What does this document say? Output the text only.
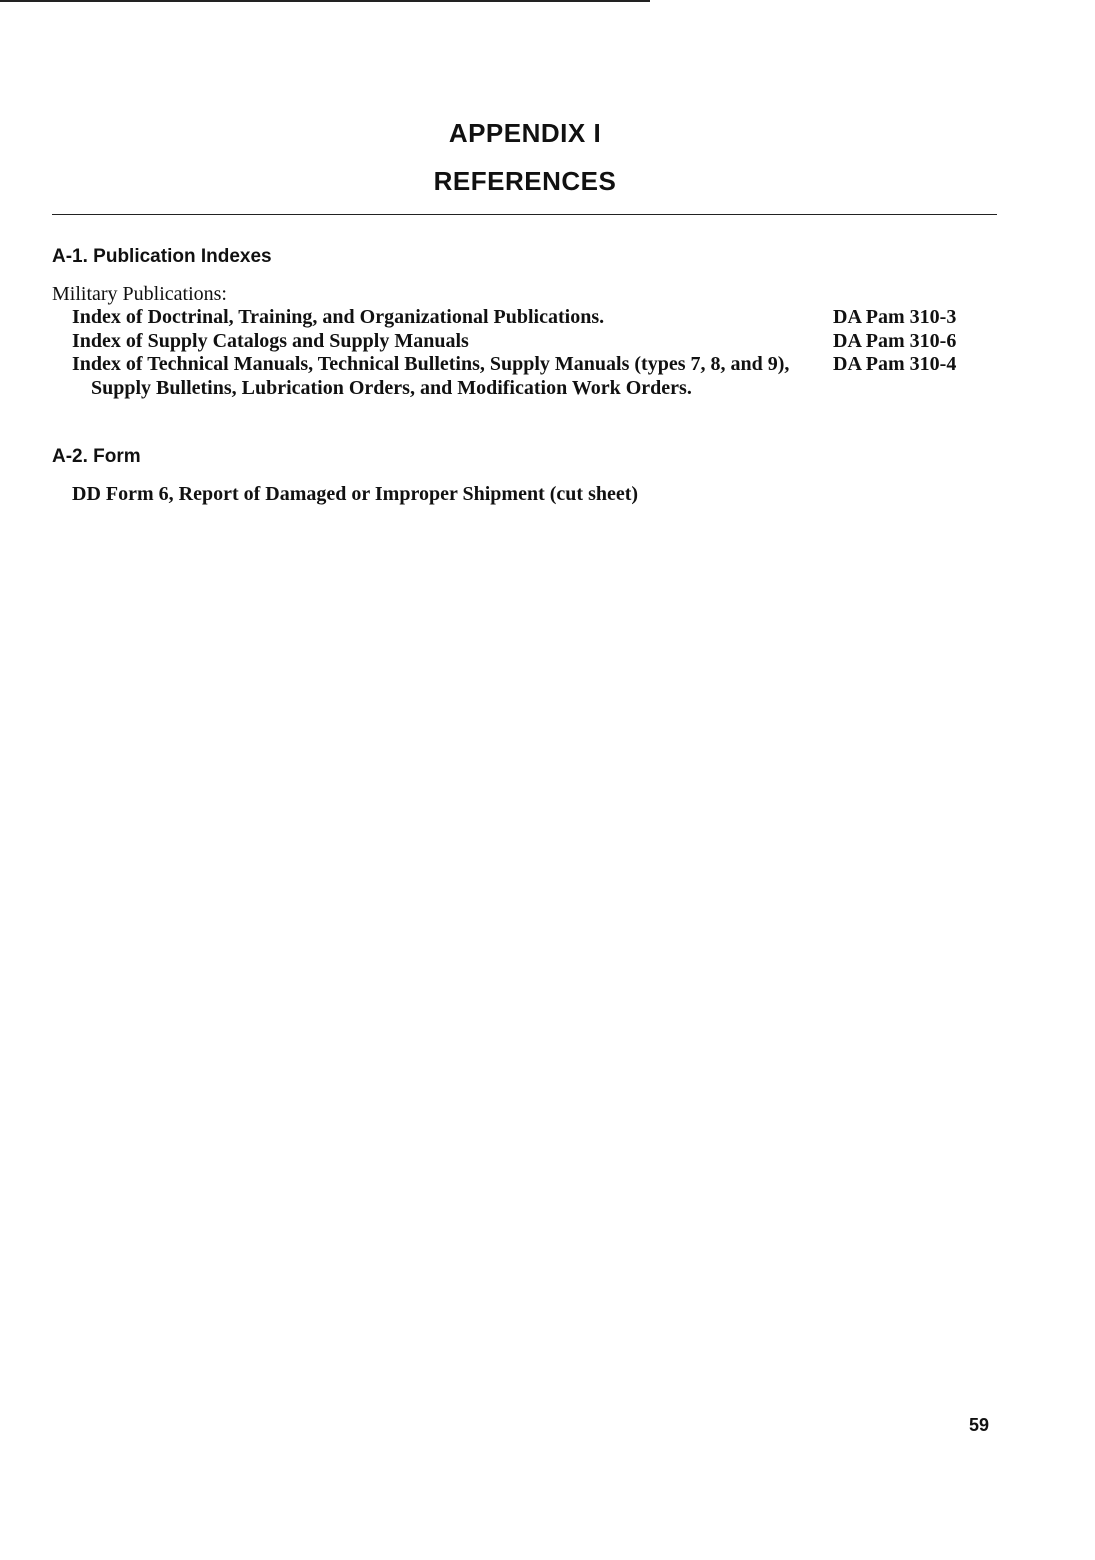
APPENDIX I
REFERENCES
A-1. Publication Indexes
Military Publications:
Index of Doctrinal, Training, and Organizational Publications.	DA Pam 310-3
Index of Supply Catalogs and Supply Manuals	DA Pam 310-6
Index of Technical Manuals, Technical Bulletins, Supply Manuals (types 7, 8, and 9), Supply Bulletins, Lubrication Orders, and Modification Work Orders.
DA Pam 310-4
A-2. Form
DD Form 6, Report of Damaged or Improper Shipment (cut sheet)
59
